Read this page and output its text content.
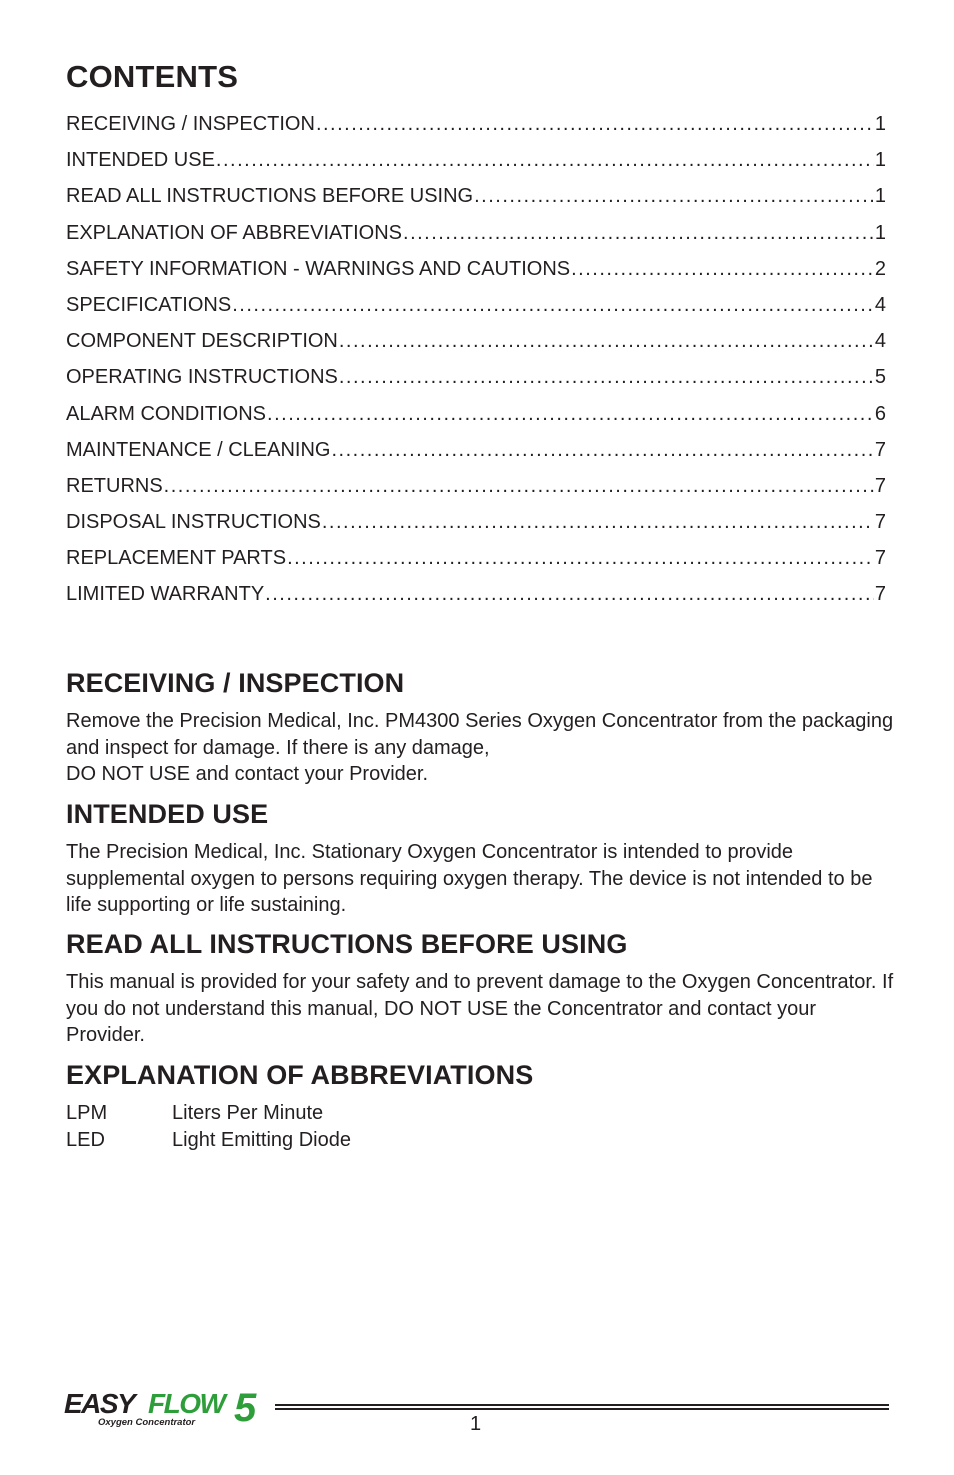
CONTENTS
RECEIVING / INSPECTION .....	1
INTENDED USE .....	1
READ ALL INSTRUCTIONS BEFORE USING .....	1
EXPLANATION OF ABBREVIATIONS .....	1
SAFETY INFORMATION - WARNINGS AND CAUTIONS .....	2
SPECIFICATIONS .....	4
COMPONENT DESCRIPTION .....	4
OPERATING INSTRUCTIONS .....	5
ALARM CONDITIONS .....	6
MAINTENANCE / CLEANING .....	7
RETURNS .....	7
DISPOSAL INSTRUCTIONS .....	7
REPLACEMENT PARTS .....	7
LIMITED WARRANTY .....	7
RECEIVING / INSPECTION

Remove the Precision Medical, Inc. PM4300 Series Oxygen Concentrator from the packaging and inspect for damage. If there is any damage,
DO NOT USE and contact your Provider.

INTENDED USE

The Precision Medical, Inc. Stationary Oxygen Concentrator is intended to provide supplemental oxygen to persons requiring oxygen therapy. The device is not intended to be life supporting or life sustaining.

READ ALL INSTRUCTIONS BEFORE USING

This manual is provided for your safety and to prevent damage to the Oxygen Concentrator. If you do not understand this manual, DO NOT USE the Concentrator and contact your Provider.

EXPLANATION OF ABBREVIATIONS
LPM	Liters Per Minute
LED	Light Emitting Diode
EASY FLOW 5
Oxygen Concentrator	1
